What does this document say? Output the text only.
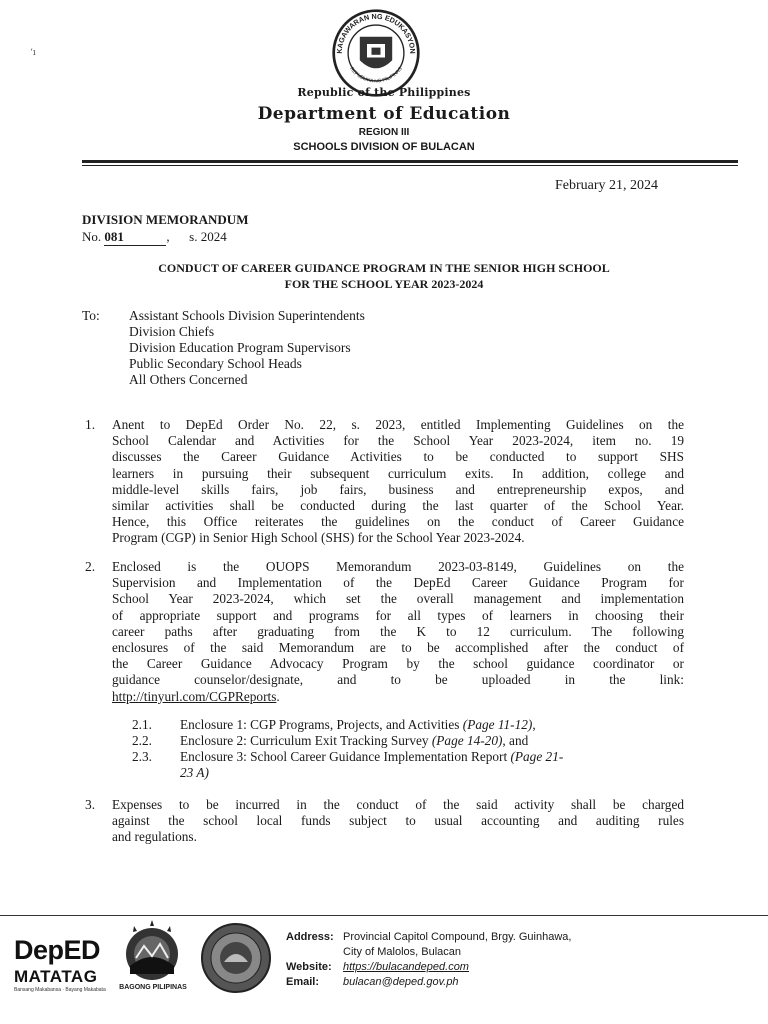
‘ı	KAGAWARAN NG EDUKASYON
REPUBLIKA NG PILIPINAS
Republic of the Philippines
Department of Education
REGION III
SCHOOLS DIVISION OF BULACAN
February 21, 2024
DIVISION MEMORANDUM
No. 081	,      s. 2024
CONDUCT OF CAREER GUIDANCE PROGRAM IN THE SENIOR HIGH SCHOOL
FOR THE SCHOOL YEAR 2023-2024
To: Assistant Schools Division Superintendents
Division Chiefs
Division Education Program Supervisors
Public Secondary School Heads
All Others Concerned
1. Anent to DepEd Order No. 22, s. 2023, entitled Implementing Guidelines on the
School Calendar and Activities for the School Year 2023-2024, item no. 19
discusses the Career Guidance Activities to be conducted to support SHS
learners in pursuing their subsequent curriculum exits. In addition, college and
middle-level skills fairs, job fairs, business and entrepreneurship expos, and
similar activities shall be conducted during the last quarter of the School Year.
Hence, this Office reiterates the guidelines on the conduct of Career Guidance
Program (CGP) in Senior High School (SHS) for the School Year 2023-2024.
2. Enclosed is the OUOPS Memorandum 2023-03-8149, Guidelines on the
Supervision and Implementation of the DepEd Career Guidance Program for
School Year 2023-2024, which set the overall management and implementation
of appropriate support and programs for all types of learners in choosing their
career paths after graduating from the K to 12 curriculum. The following
enclosures of the said Memorandum are to be accomplished after the conduct of
the Career Guidance Advocacy Program by the school guidance coordinator or
guidance counselor/designate, and to be uploaded in the link:
http://tinyurl.com/CGPReports.
2.1. Enclosure 1: CGP Programs, Projects, and Activities (Page 11-12),
2.2. Enclosure 2: Curriculum Exit Tracking Survey (Page 14-20), and
2.3. Enclosure 3: School Career Guidance Implementation Report (Page 21-
23 A)
3. Expenses to be incurred in the conduct of the said activity shall be charged
against the school local funds subject to usual accounting and auditing rules
and regulations.
DepED
MATATAG
Bansang Makabansa · Bayang Makabata	BAGONG PILIPINAS
Address: Provincial Capitol Compound, Brgy. Guinhawa,
City of Malolos, Bulacan
Website: https://bulacandeped.com
Email: bulacan@deped.gov.ph
